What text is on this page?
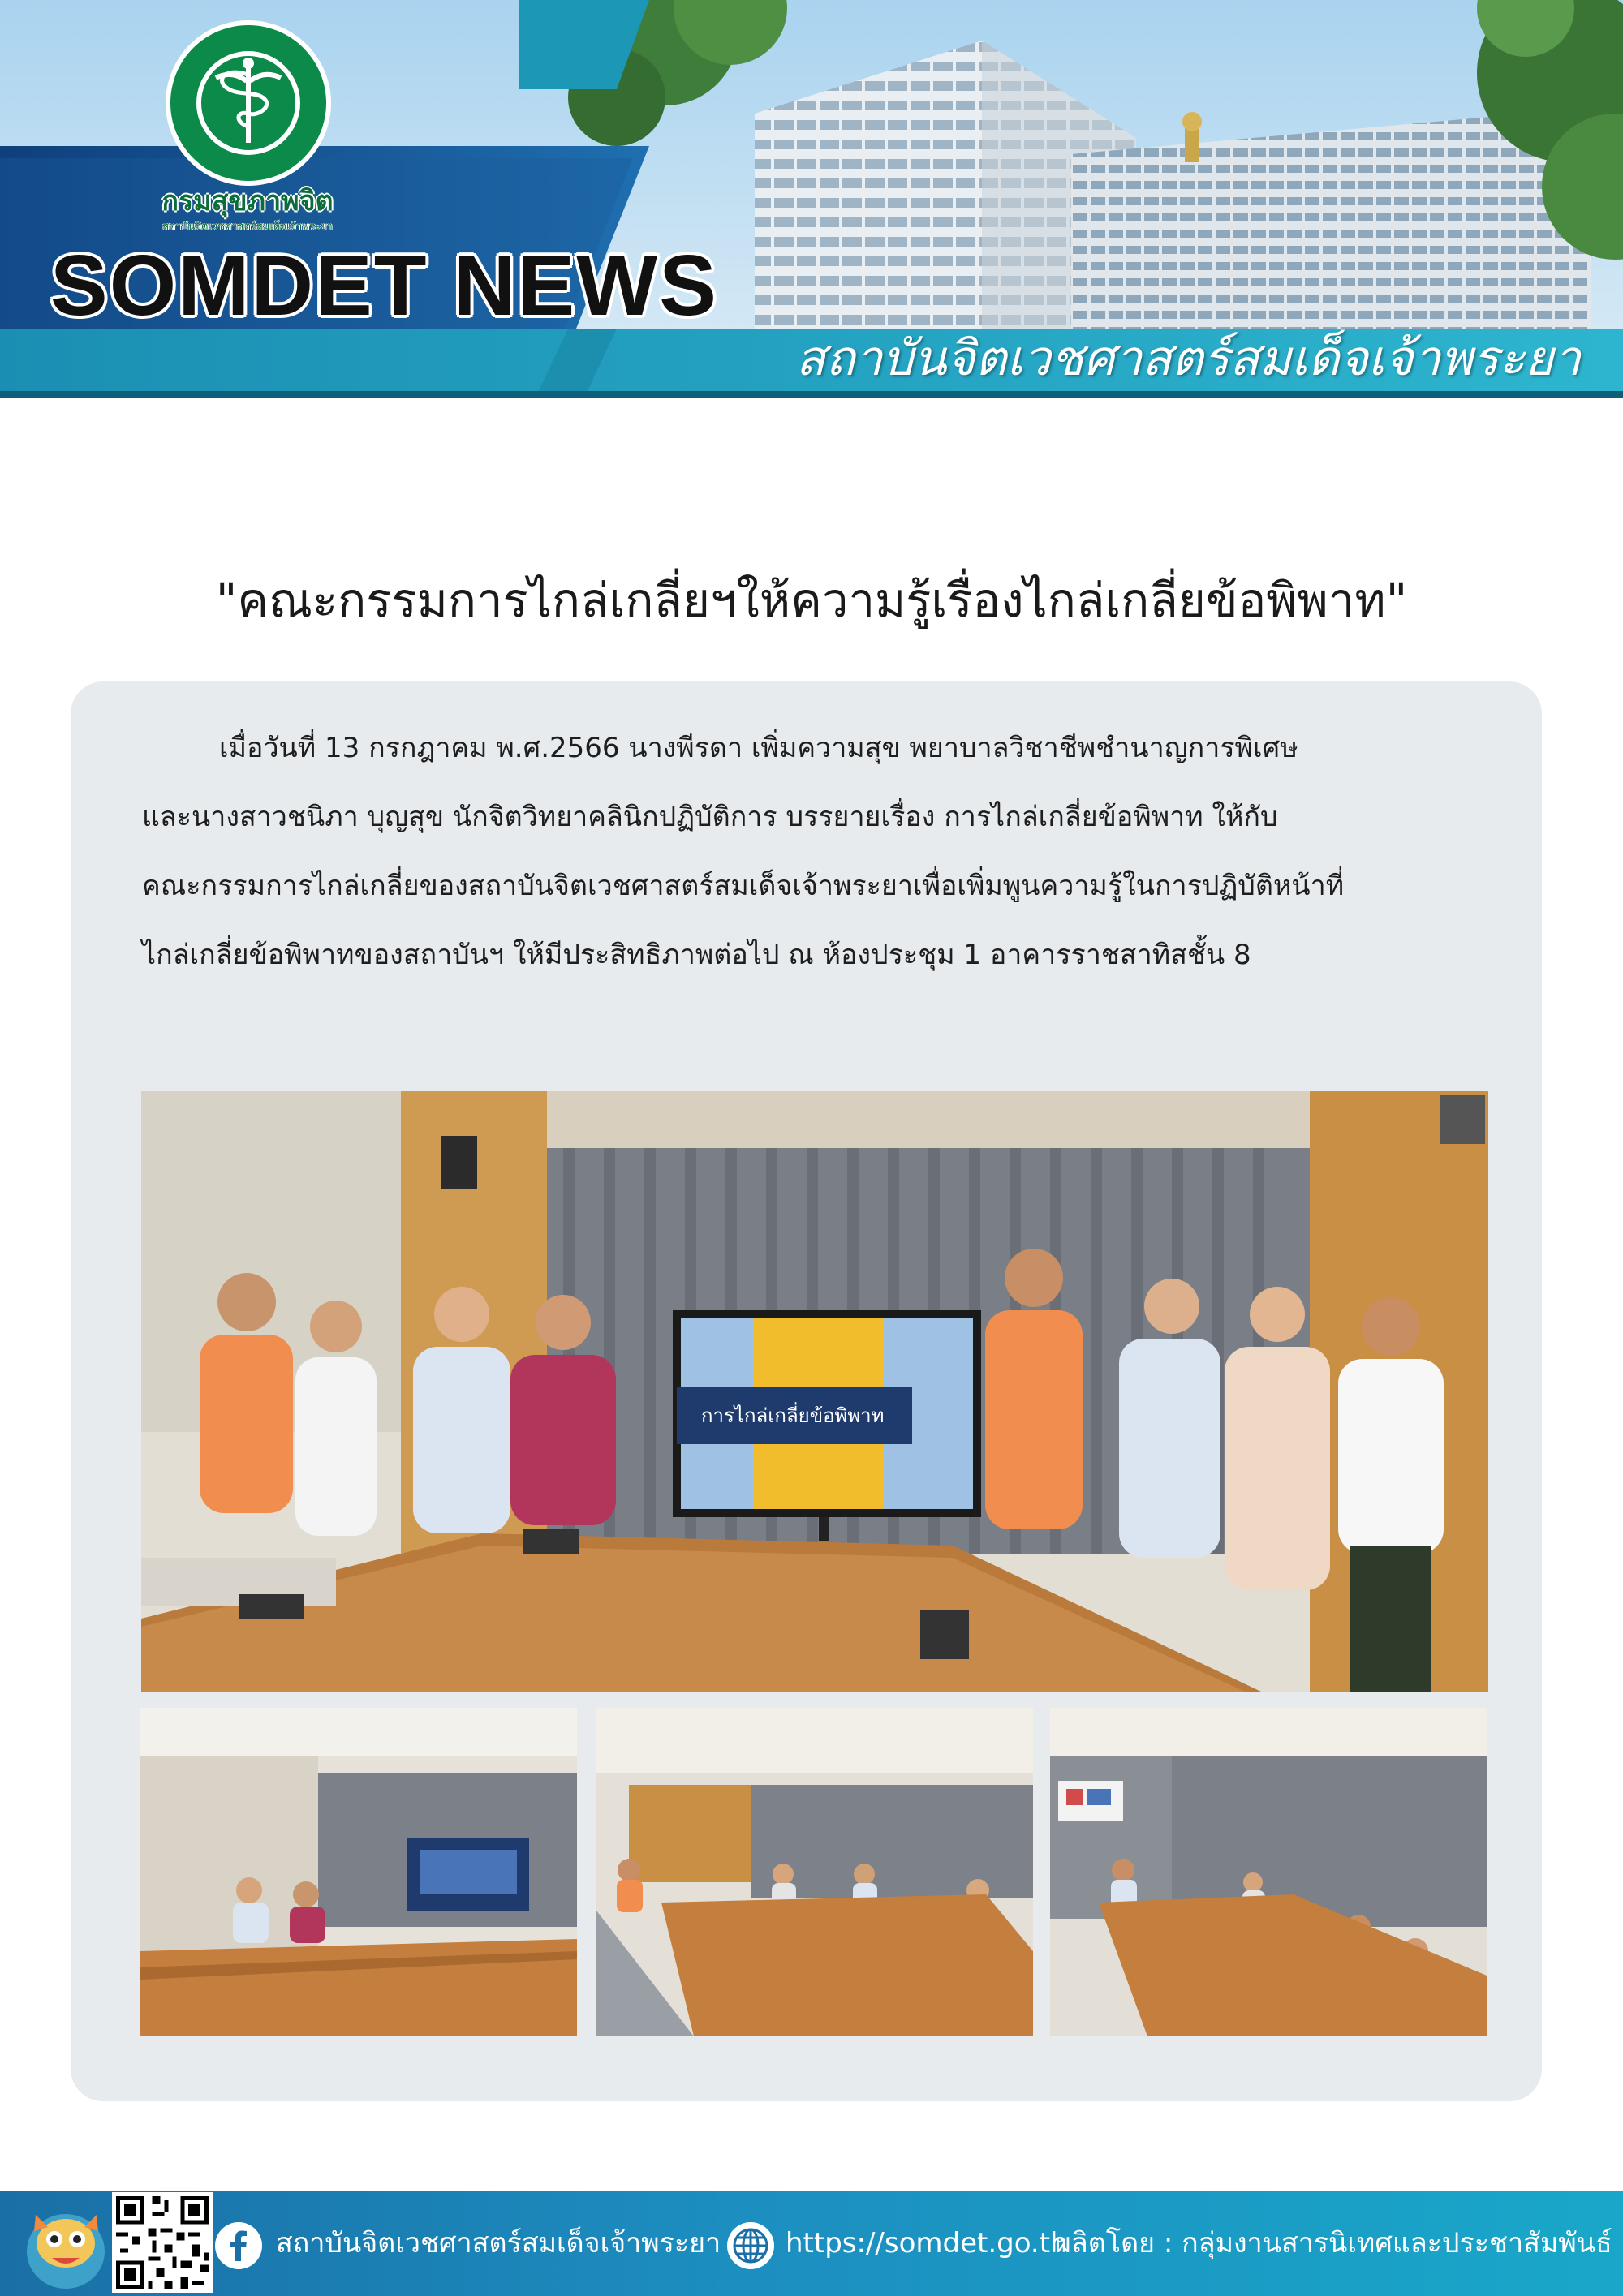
กรมสุขภาพจิต
สถาบันจิตเวชศาสตร์สมเด็จเจ้าพระยา
SOMDET NEWS
สถาบันจิตเวชศาสตร์สมเด็จเจ้าพระยา
"คณะกรรมการไกล่เกลี่ยฯให้ความรู้เรื่องไกล่เกลี่ยข้อพิพาท"

เมื่อวันที่ 13 กรกฎาคม พ.ศ.2566 นางพีรดา เพิ่มความสุข พยาบาลวิชาชีพชำนาญการพิเศษ
และนางสาวชนิภา บุญสุข นักจิตวิทยาคลินิกปฏิบัติการ บรรยายเรื่อง การไกล่เกลี่ยข้อพิพาท ให้กับ
คณะกรรมการไกล่เกลี่ยของสถาบันจิตเวชศาสตร์สมเด็จเจ้าพระยาเพื่อเพิ่มพูนความรู้ในการปฏิบัติหน้าที่
ไกล่เกลี่ยข้อพิพาทของสถาบันฯ ให้มีประสิทธิภาพต่อไป ณ ห้องประชุม 1 อาคารราชสาทิสชั้น 8

การไกล่เกลี่ยข้อพิพาท
สถาบันจิตเวชศาสตร์สมเด็จเจ้าพระยา https://somdet.go.th
ผลิตโดย : กลุ่มงานสารนิเทศและประชาสัมพันธ์
